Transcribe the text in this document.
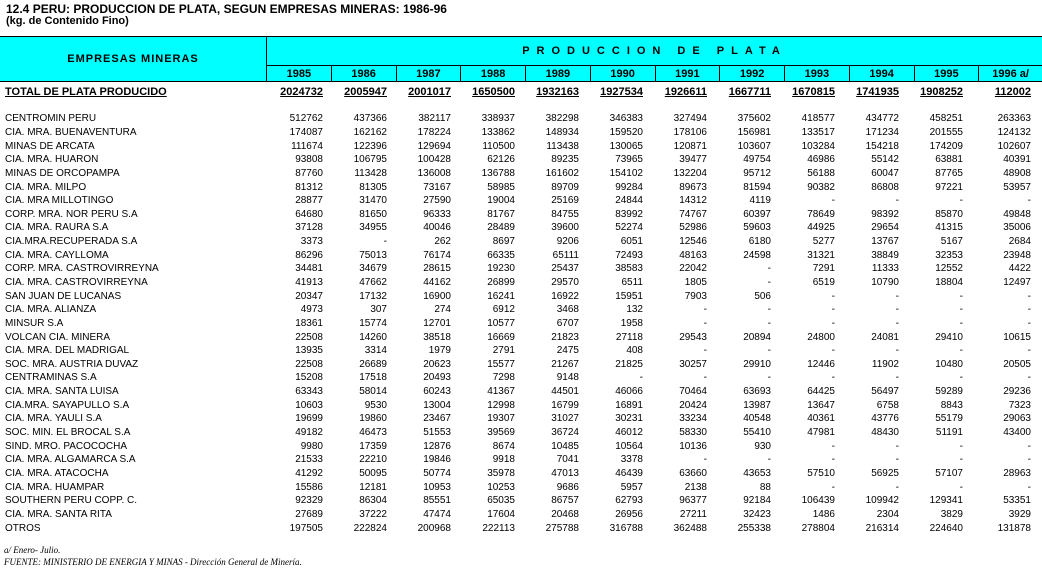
12.4 PERU: PRODUCCION DE PLATA, SEGUN EMPRESAS MINERAS: 1986-96
(kg. de Contenido Fino)
EMPRESAS MINERAS
PRODUCCION DE PLATA
1985	1986	1987	1988	1989	1990	1991	1992	1993	1994	1995	1996 a/
TOTAL DE PLATA PRODUCIDO	2024732	2005947	2001017	1650500	1932163	1927534	1926611	1667711	1670815	1741935	1908252	112002
CENTROMIN PERU	512762	437366	382117	338937	382298	346383	327494	375602	418577	434772	458251	263363
CIA. MRA. BUENAVENTURA	174087	162162	178224	133862	148934	159520	178106	156981	133517	171234	201555	124132
MINAS DE ARCATA	111674	122396	129694	110500	113438	130065	120871	103607	103284	154218	174209	102607
CIA. MRA. HUARON	93808	106795	100428	62126	89235	73965	39477	49754	46986	55142	63881	40391
MINAS DE ORCOPAMPA	87760	113428	136008	136788	161602	154102	132204	95712	56188	60047	87765	48908
CIA. MRA. MILPO	81312	81305	73167	58985	89709	99284	89673	81594	90382	86808	97221	53957
CIA. MRA MILLOTINGO	28877	31470	27590	19004	25169	24844	14312	4119	-	-	-	-
CORP. MRA. NOR PERU S.A	64680	81650	96333	81767	84755	83992	74767	60397	78649	98392	85870	49848
CIA. MRA. RAURA S.A	37128	34955	40046	28489	39600	52274	52986	59603	44925	29654	41315	35006
CIA.MRA.RECUPERADA S.A	3373	-	262	8697	9206	6051	12546	6180	5277	13767	5167	2684
CIA. MRA. CAYLLOMA	86296	75013	76174	66335	65111	72493	48163	24598	31321	38849	32353	23948
CORP. MRA. CASTROVIRREYNA	34481	34679	28615	19230	25437	38583	22042	-	7291	11333	12552	4422
CIA. MRA. CASTROVIRREYNA	41913	47662	44162	26899	29570	6511	1805	-	6519	10790	18804	12497
SAN JUAN DE LUCANAS	20347	17132	16900	16241	16922	15951	7903	506	-	-	-	-
CIA. MRA. ALIANZA	4973	307	274	6912	3468	132	-	-	-	-	-	-
MINSUR S.A	18361	15774	12701	10577	6707	1958	-	-	-	-	-	-
VOLCAN CIA. MINERA	22508	14260	38518	16669	21823	27118	29543	20894	24800	24081	29410	10615
CIA. MRA. DEL MADRIGAL	13935	3314	1979	2791	2475	408	-	-	-	-	-	-
SOC. MRA. AUSTRIA DUVAZ	22508	26689	20623	15577	21267	21825	30257	29910	12446	11902	10480	20505
CENTRAMINAS S.A	15208	17518	20493	7298	9148	-	-	-	-	-	-	-
CIA. MRA. SANTA LUISA	63343	58014	60243	41367	44501	46066	70464	63693	64425	56497	59289	29236
CIA.MRA. SAYAPULLO S.A	10603	9530	13004	12998	16799	16891	20424	13987	13647	6758	8843	7323
CIA. MRA. YAULI S.A	19699	19860	23467	19307	31027	30231	33234	40548	40361	43776	55179	29063
SOC. MIN. EL BROCAL S.A	49182	46473	51553	39569	36724	46012	58330	55410	47981	48430	51191	43400
SIND. MRO. PACOCOCHA	9980	17359	12876	8674	10485	10564	10136	930	-	-	-	-
CIA. MRA. ALGAMARCA S.A	21533	22210	19846	9918	7041	3378	-	-	-	-	-	-
CIA. MRA. ATACOCHA	41292	50095	50774	35978	47013	46439	63660	43653	57510	56925	57107	28963
CIA. MRA. HUAMPAR	15586	12181	10953	10253	9686	5957	2138	88	-	-	-	-
SOUTHERN PERU COPP. C.	92329	86304	85551	65035	86757	62793	96377	92184	106439	109942	129341	53351
CIA. MRA. SANTA RITA	27689	37222	47474	17604	20468	26956	27211	32423	1486	2304	3829	3929
OTROS	197505	222824	200968	222113	275788	316788	362488	255338	278804	216314	224640	131878
a/ Enero- Julio.
FUENTE: MINISTERIO DE ENERGIA Y MINAS - Dirección General de Minería.
